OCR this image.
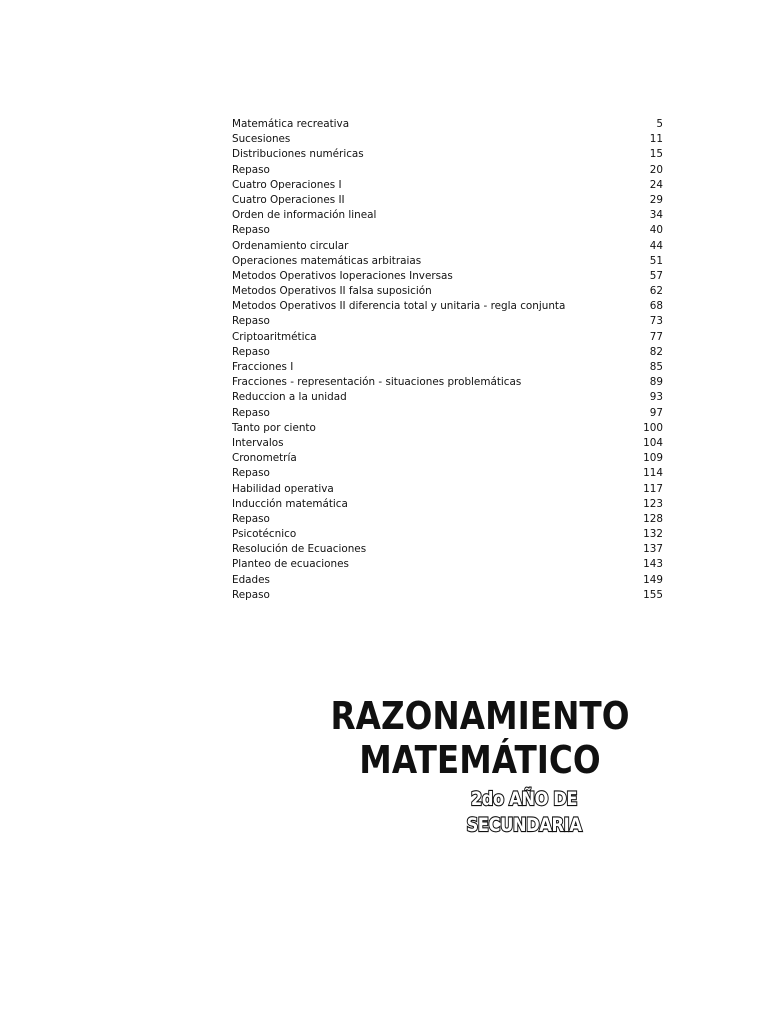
Matemática recreativa	5
Sucesiones	11
Distribuciones numéricas	15
Repaso	20
Cuatro Operaciones I	24
Cuatro Operaciones II	29
Orden de información lineal	34
Repaso	40
Ordenamiento circular	44
Operaciones matemáticas arbitraias	51
Metodos Operativos Ioperaciones Inversas	57
Metodos Operativos II falsa suposición	62
Metodos Operativos II diferencia total y unitaria - regla conjunta	68
Repaso	73
Criptoaritmética	77
Repaso	82
Fracciones I	85
Fracciones - representación - situaciones problemáticas	89
Reduccion a la unidad	93
Repaso	97
Tanto por ciento	100
Intervalos	104
Cronometría	109
Repaso	114
Habilidad operativa	117
Inducción matemática	123
Repaso	128
Psicotécnico	132
Resolución de Ecuaciones	137
Planteo de ecuaciones	143
Edades	149
Repaso	155
RAZONAMIENTO
MATEMÁTICO
2do AÑO DE SECUNDARIA
